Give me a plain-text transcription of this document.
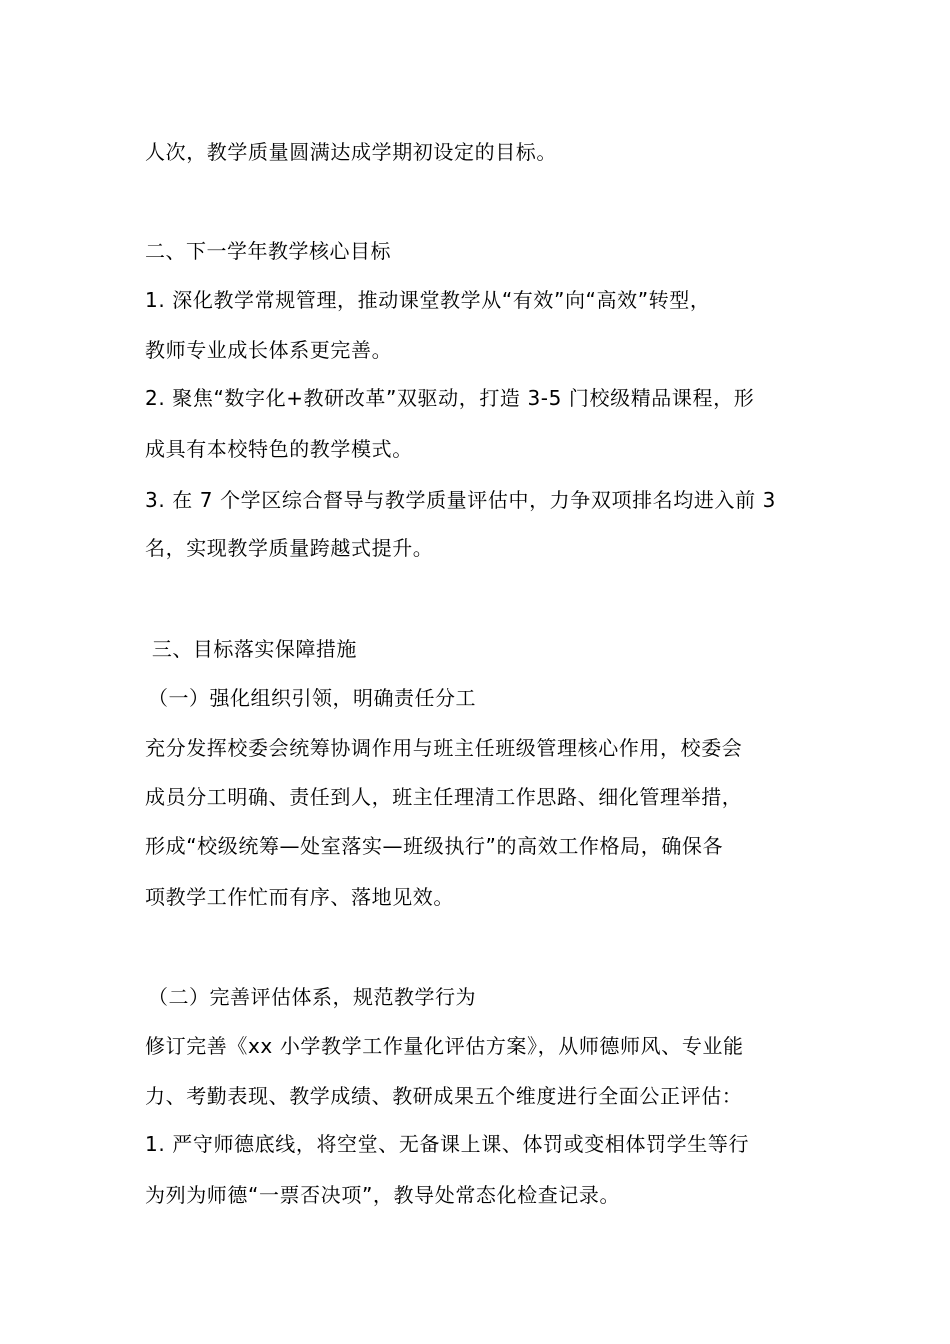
人次，教学质量圆满达成学期初设定的目标。
二、下一学年教学核心目标
1. 深化教学常规管理，推动课堂教学从“有效”向“高效”转型，
教师专业成长体系更完善。
2. 聚焦“数字化+教研改革”双驱动，打造 3-5 门校级精品课程，形
成具有本校特色的教学模式。
3. 在 7 个学区综合督导与教学质量评估中，力争双项排名均进入前 3
名，实现教学质量跨越式提升。
三、目标落实保障措施
（一）强化组织引领，明确责任分工
充分发挥校委会统筹协调作用与班主任班级管理核心作用，校委会
成员分工明确、责任到人，班主任理清工作思路、细化管理举措，
形成“校级统筹—处室落实—班级执行”的高效工作格局，确保各
项教学工作忙而有序、落地见效。
（二）完善评估体系，规范教学行为
修订完善《xx 小学教学工作量化评估方案》，从师德师风、专业能
力、考勤表现、教学成绩、教研成果五个维度进行全面公正评估：
1. 严守师德底线，将空堂、无备课上课、体罚或变相体罚学生等行
为列为师德“一票否决项”，教导处常态化检查记录。
